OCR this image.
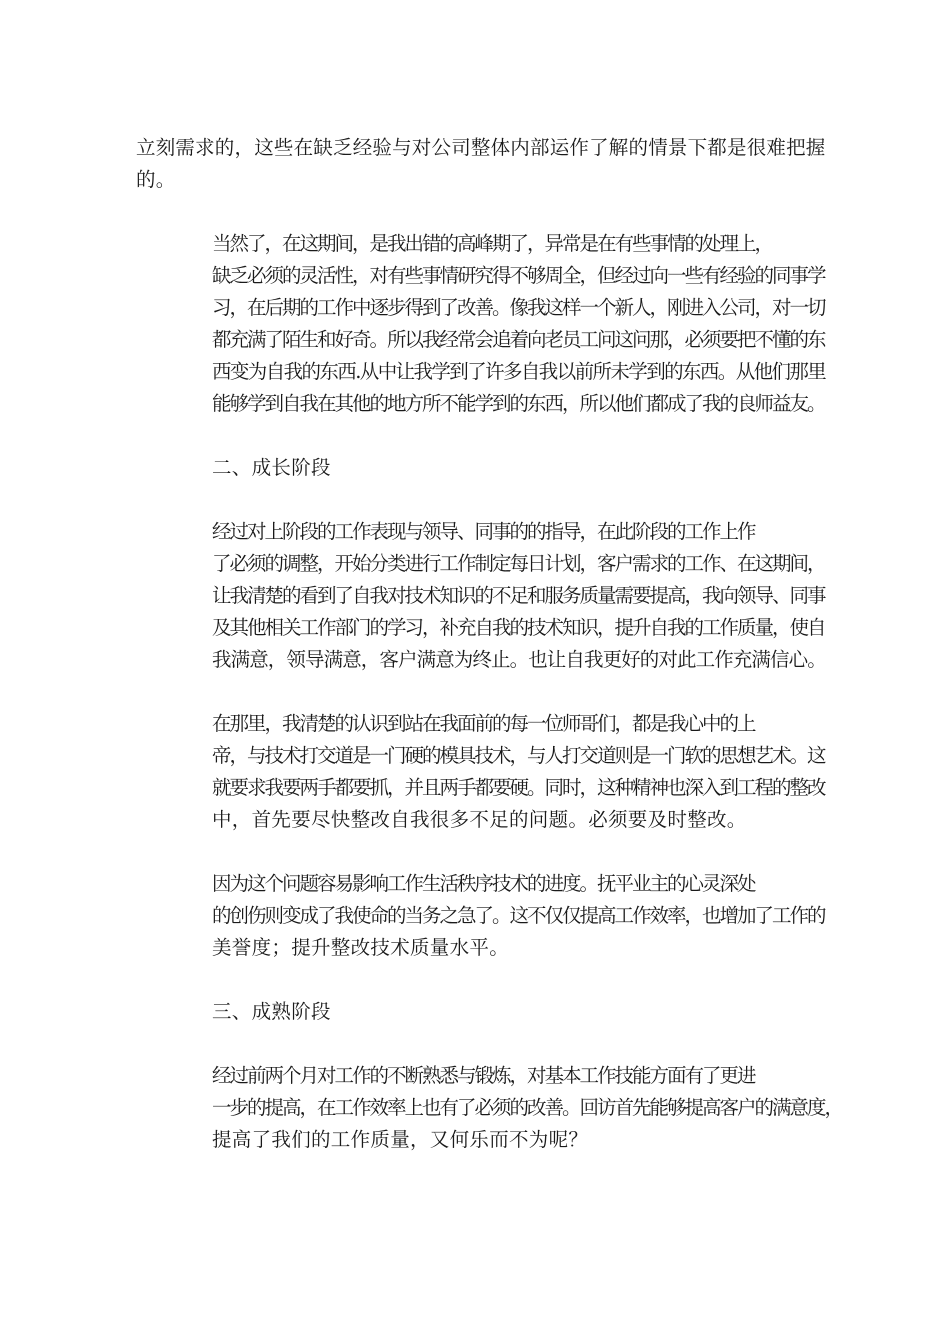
立刻需求的，这些在缺乏经验与对公司整体内部运作了解的情景下都是很难把握
的。
当然了，在这期间，是我出错的高峰期了，异常是在有些事情的处理上，
缺乏必须的灵活性，对有些事情研究得不够周全，但经过向一些有经验的同事学
习，在后期的工作中逐步得到了改善。像我这样一个新人，刚进入公司，对一切
都充满了陌生和好奇。所以我经常会追着向老员工问这问那，必须要把不懂的东
西变为自我的东西.从中让我学到了许多自我以前所未学到的东西。从他们那里
能够学到自我在其他的地方所不能学到的东西，所以他们都成了我的良师益友。
二、成长阶段
经过对上阶段的工作表现与领导、同事的的指导，在此阶段的工作上作
了必须的调整，开始分类进行工作制定每日计划，客户需求的工作、在这期间，
让我清楚的看到了自我对技术知识的不足和服务质量需要提高，我向领导、同事
及其他相关工作部门的学习，补充自我的技术知识，提升自我的工作质量，使自
我满意，领导满意，客户满意为终止。也让自我更好的对此工作充满信心。
在那里，我清楚的认识到站在我面前的每一位师哥们，都是我心中的上
帝，与技术打交道是一门硬的模具技术，与人打交道则是一门软的思想艺术。这
就要求我要两手都要抓，并且两手都要硬。同时，这种精神也深入到工程的整改
中，首先要尽快整改自我很多不足的问题。必须要及时整改。
因为这个问题容易影响工作生活秩序技术的进度。抚平业主的心灵深处
的创伤则变成了我使命的当务之急了。这不仅仅提高工作效率，也增加了工作的
美誉度；提升整改技术质量水平。
三、成熟阶段
经过前两个月对工作的不断熟悉与锻炼，对基本工作技能方面有了更进
一步的提高，在工作效率上也有了必须的改善。回访首先能够提高客户的满意度，
提高了我们的工作质量，又何乐而不为呢？
